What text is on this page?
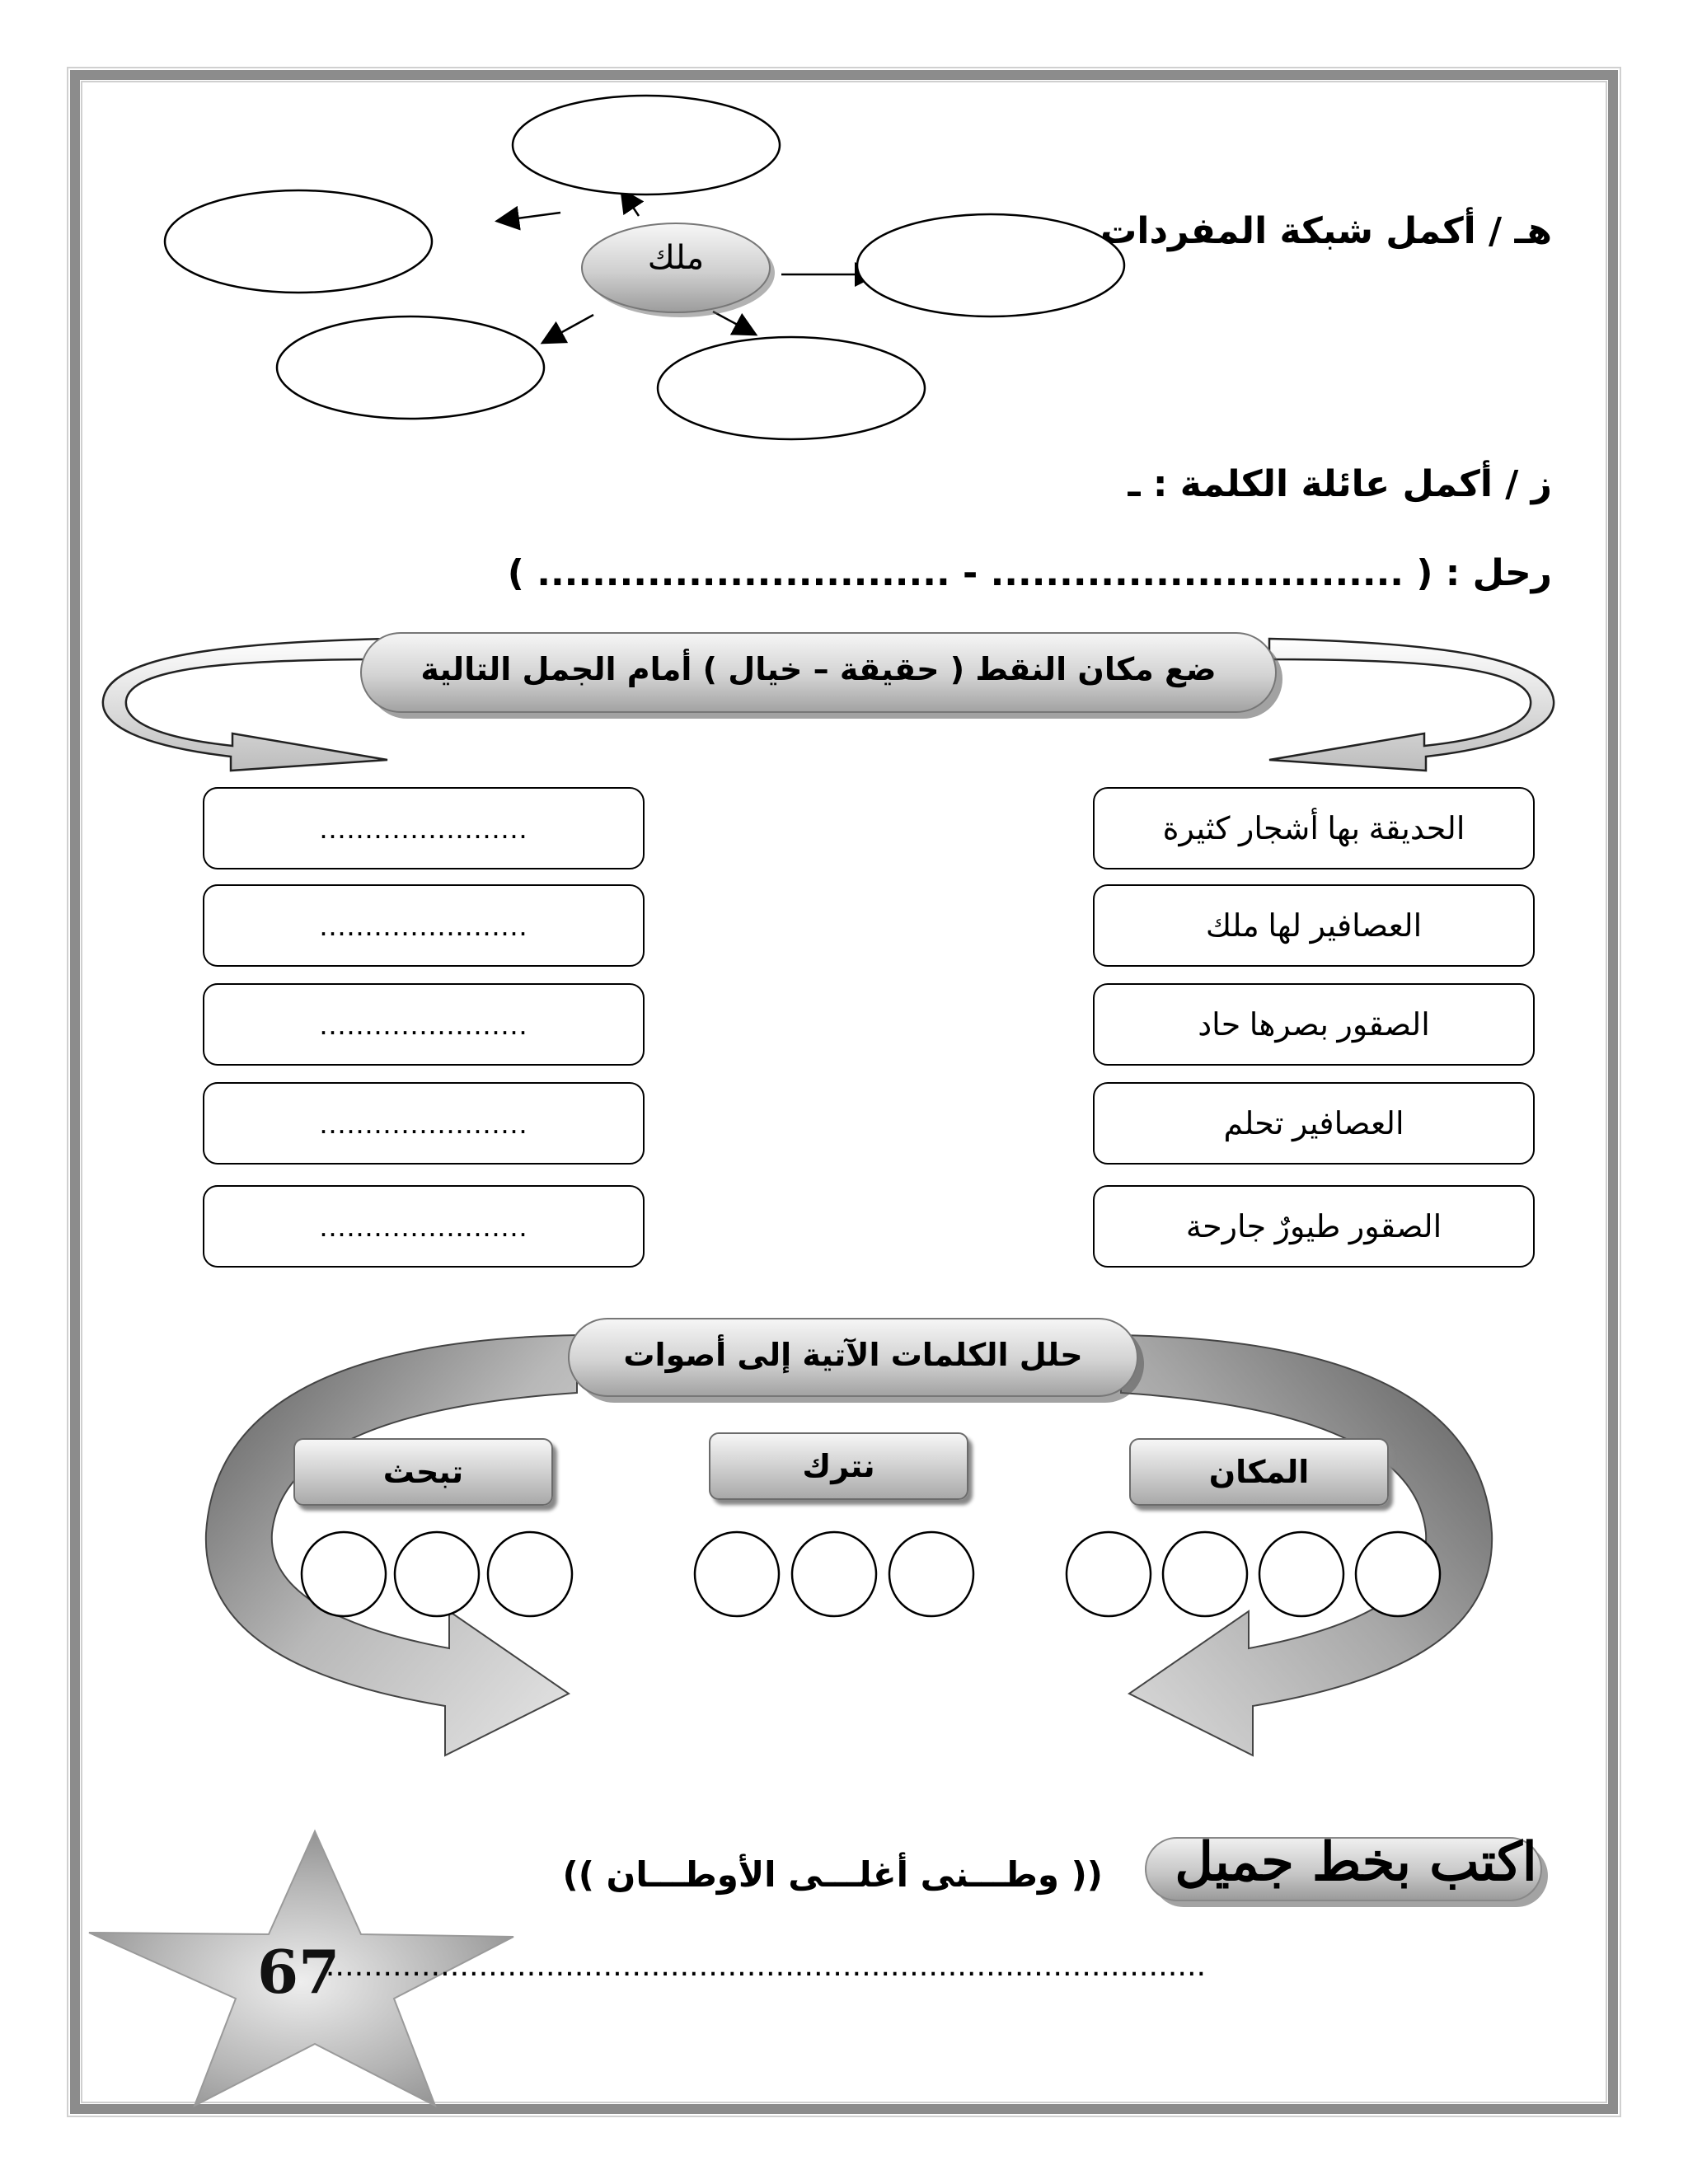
هـ / أكمل شبكة المفردات
ملك
ز / أكمل عائلة الكلمة : ـ
رحل : ( .............................. - .............................. )
ضع مكان النقط ( حقيقة – خيال ) أمام الجمل التالية
الحديقة بها أشجار كثيرة
العصافير لها ملك
الصقور بصرها حاد
العصافير تحلم
الصقور طيورٌ جارحة
.......................
.......................
.......................
.......................
.......................
حلل الكلمات الآتية إلى أصوات
المكان
نترك
تبحث
اكتب بخط جميل
(( وطـــنى أغلـــى الأوطـــان ))
67
............................................................................................
